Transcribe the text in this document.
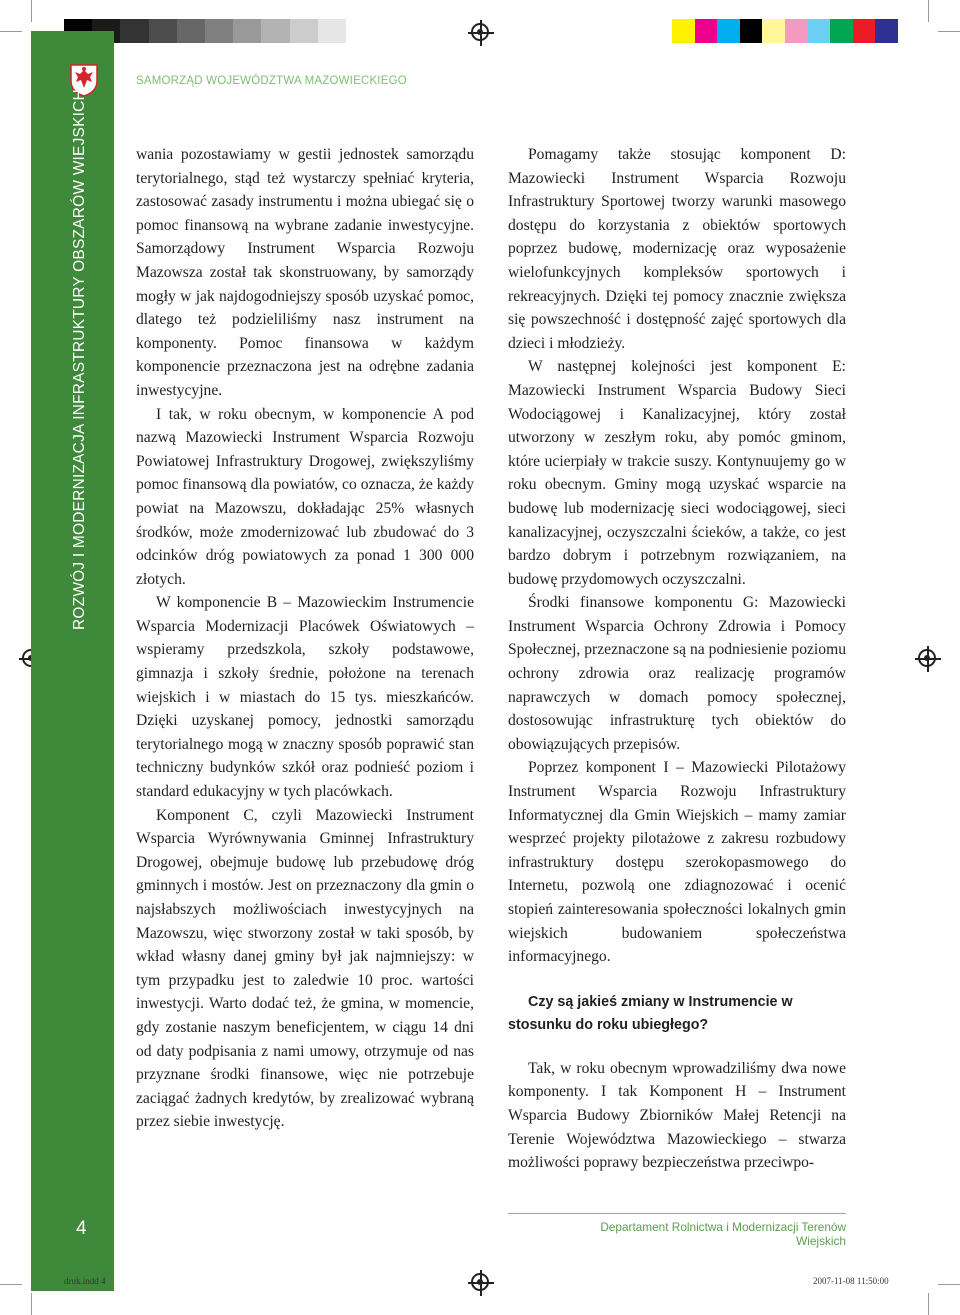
ROZWÓJ I MODERNIZACJA INFRASTRUKTURY OBSZARÓW WIEJSKICH
4
SAMORZĄD WOJEWÓDZTWA MAZOWIECKIEGO

wania pozostawiamy w gestii jednostek samorządu terytorialnego, stąd też wystarczy spełniać kryteria, zastosować zasady instrumentu i można ubiegać się o pomoc finansową na wybrane zadanie inwestycyjne. Samorządowy Instrument Wsparcia Rozwoju Mazowsza został tak skonstruowany, by samorządy mogły w jak najdogodniejszy sposób uzyskać pomoc, dlatego też podzieliliśmy nasz instrument na komponenty. Pomoc finansowa w każdym komponencie przeznaczona jest na odrębne zadania inwestycyjne.

I tak, w roku obecnym, w komponencie A pod nazwą Mazowiecki Instrument Wsparcia Rozwoju Powiatowej Infrastruktury Drogowej, zwiększyliśmy pomoc finansową dla powiatów, co oznacza, że każdy powiat na Mazowszu, dokładając 25% własnych środków, może zmodernizować lub zbudować do 3 odcinków dróg powiatowych za ponad 1 300 000 złotych.

W komponencie B – Mazowieckim Instrumencie Wsparcia Modernizacji Placówek Oświatowych – wspieramy przedszkola, szkoły podstawowe, gimnazja i szkoły średnie, położone na terenach wiejskich i w miastach do 15 tys. mieszkańców. Dzięki uzyskanej pomocy, jednostki samorządu terytorialnego mogą w znaczny sposób poprawić stan techniczny budynków szkół oraz podnieść poziom i standard edukacyjny w tych placówkach.

Komponent C, czyli Mazowiecki Instrument Wsparcia Wyrównywania Gminnej Infrastruktury Drogowej, obejmuje budowę lub przebudowę dróg gminnych i mostów. Jest on przeznaczony dla gmin o najsłabszych możliwościach inwestycyjnych na Mazowszu, więc stworzony został w taki sposób, by wkład własny danej gminy był jak najmniejszy: w tym przypadku jest to zaledwie 10 proc. wartości inwestycji. Warto dodać też, że gmina, w momencie, gdy zostanie naszym beneficjentem, w ciągu 14 dni od daty podpisania z nami umowy, otrzymuje od nas przyznane środki finansowe, więc nie potrzebuje zaciągać żadnych kredytów, by zrealizować wybraną przez siebie inwestycję.

Pomagamy także stosując komponent D: Mazowiecki Instrument Wsparcia Rozwoju Infrastruktury Sportowej tworzy warunki masowego dostępu do korzystania z obiektów sportowych poprzez budowę, modernizację oraz wyposażenie wielofunkcyjnych kompleksów sportowych i rekreacyjnych. Dzięki tej pomocy znacznie zwiększa się powszechność i dostępność zajęć sportowych dla dzieci i młodzieży.

W następnej kolejności jest komponent E: Mazowiecki Instrument Wsparcia Budowy Sieci Wodociągowej i Kanalizacyjnej, który został utworzony w zeszłym roku, aby pomóc gminom, które ucierpiały w trakcie suszy. Kontynuujemy go w roku obecnym. Gminy mogą uzyskać wsparcie na budowę lub modernizację sieci wodociągowej, sieci kanalizacyjnej, oczyszczalni ścieków, a także, co jest bardzo dobrym i potrzebnym rozwiązaniem, na budowę przydomowych oczyszczalni.

Środki finansowe komponentu G: Mazowiecki Instrument Wsparcia Ochrony Zdrowia i Pomocy Społecznej, przeznaczone są na podniesienie poziomu ochrony zdrowia oraz realizację programów naprawczych w domach pomocy społecznej, dostosowując infrastrukturę tych obiektów do obowiązujących przepisów.

Poprzez komponent I – Mazowiecki Pilotażowy Instrument Wsparcia Rozwoju Infrastruktury Informatycznej dla Gmin Wiejskich – mamy zamiar wesprzeć projekty pilotażowe z zakresu rozbudowy infrastruktury dostępu szerokopasmowego do Internetu, pozwolą one zdiagnozować i ocenić stopień zainteresowania społeczności lokalnych gmin wiejskich budowaniem społeczeństwa informacyjnego.

Czy są jakieś zmiany w Instrumencie w stosunku do roku ubiegłego?

Tak, w roku obecnym wprowadziliśmy dwa nowe komponenty. I tak Komponent H – Instrument Wsparcia Budowy Zbiorników Małej Retencji na Terenie Województwa Mazowieckiego – stwarza możliwości poprawy bezpieczeństwa przeciwpo-

Departament Rolnictwa i Modernizacji Terenów Wiejskich
druk.indd 4	2007-11-08 11:50:00
